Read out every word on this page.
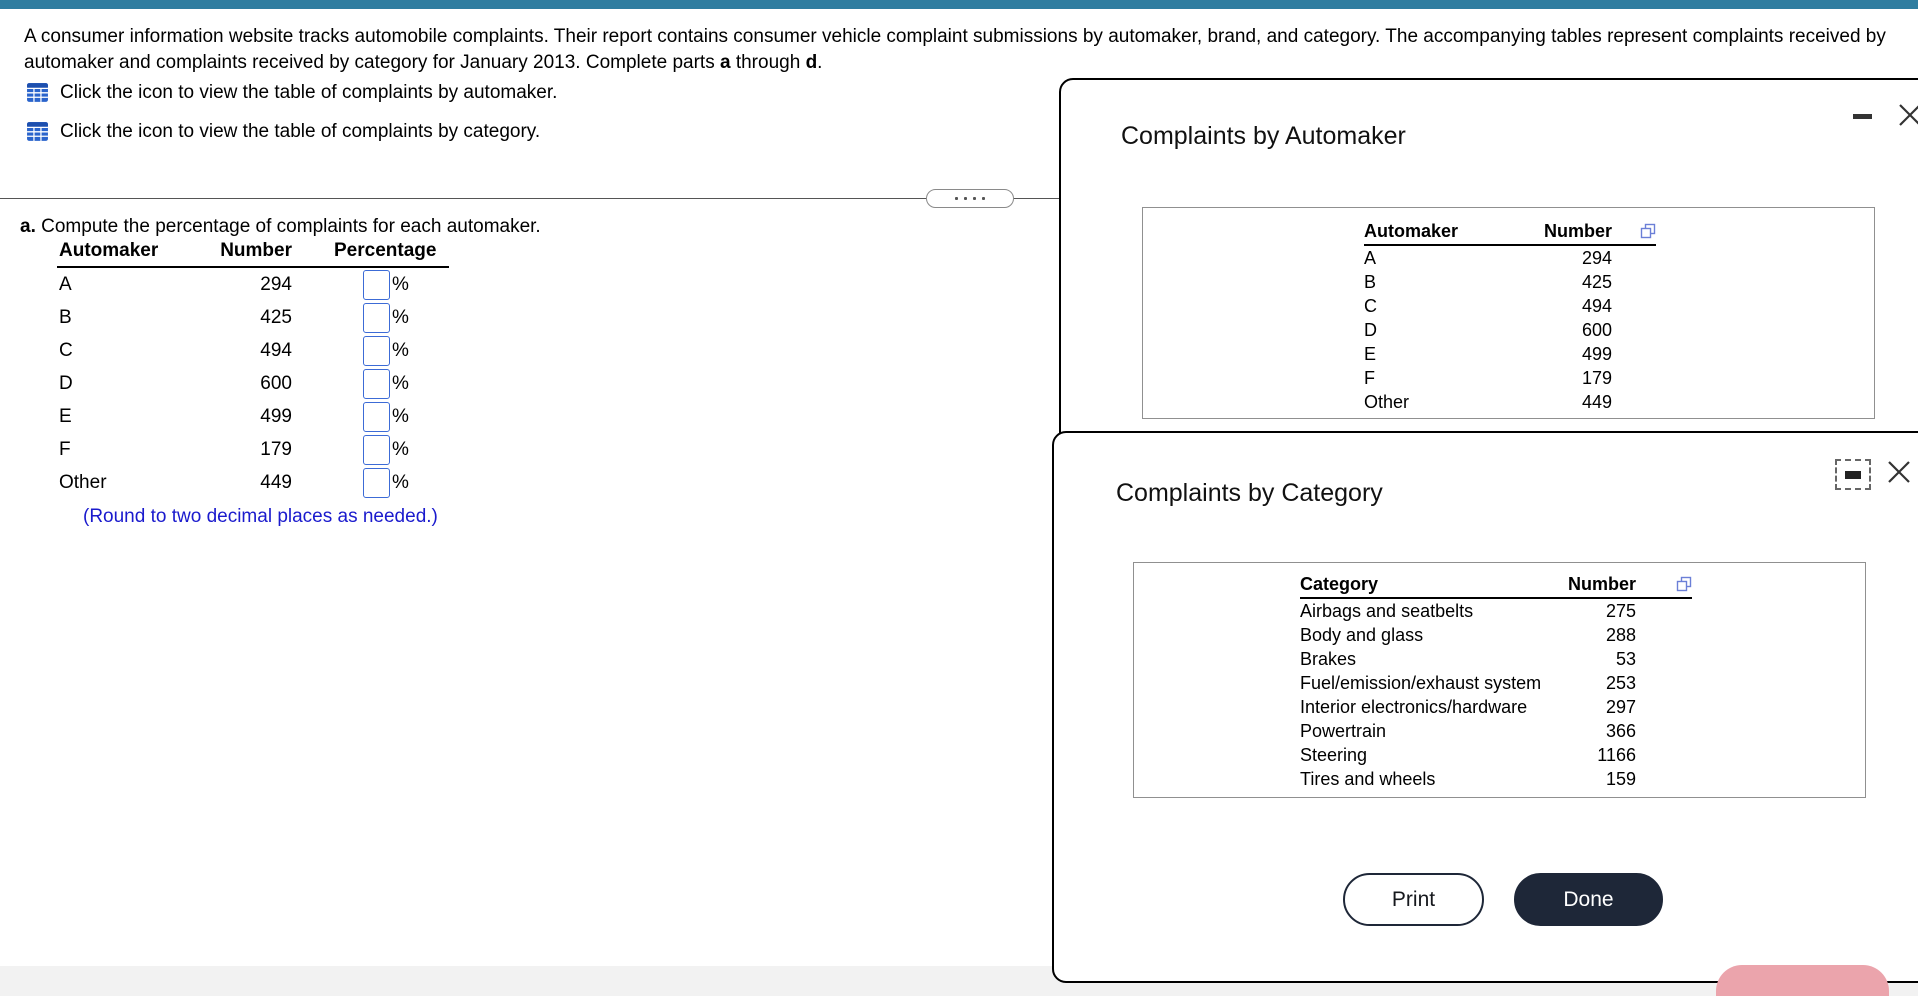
A consumer information website tracks automobile complaints. Their report contains consumer vehicle complaint submissions by automaker, brand, and category. The accompanying tables represent complaints received by automaker and complaints received by category for January 2013. Complete parts a through d.
Click the icon to view the table of complaints by automaker.
Click the icon to view the table of complaints by category.
a. Compute the percentage of complaints for each automaker.
Automaker	Number Percentage
A	294	%
B	425	%
C	494	%
D	600	%
E	499	%
F	179	%
Other	449	%
(Round to two decimal places as needed.)
Complaints by Automaker
Automaker	Number
A	294
B	425
C	494
D	600
E	499
F	179
Other	449
Complaints by Category
Category	Number
Airbags and seatbelts	275
Body and glass	288
Brakes	53
Fuel/emission/exhaust system	253
Interior electronics/hardware	297
Powertrain	366
Steering	1166
Tires and wheels	159
Print	Done
